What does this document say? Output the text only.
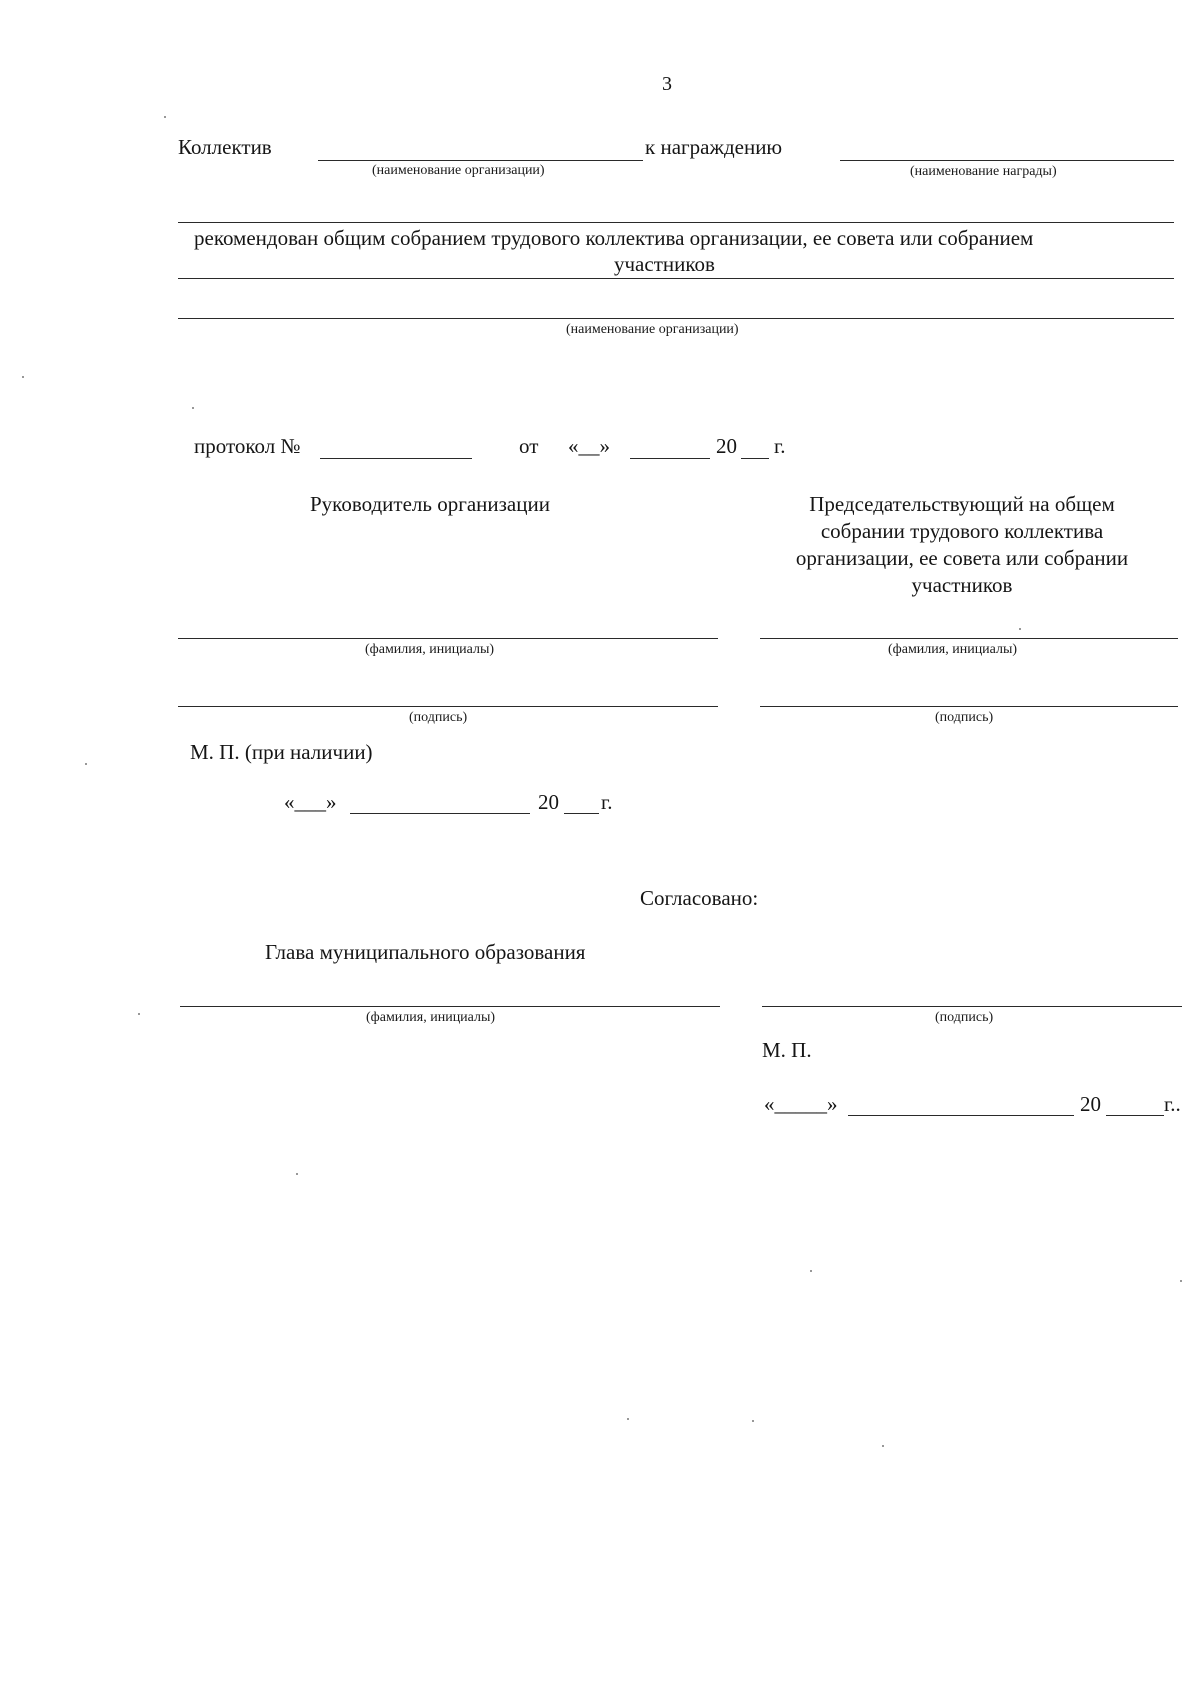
3
Коллектив	к награждению
(наименование организации)	(наименование награды)
рекомендован общим собранием трудового коллектива организации, ее совета или собранием
участников
(наименование организации)
протокол №	от «__»	20 г.
Руководитель организации	Председательствующий на общем
собрании трудового коллектива
организации, ее совета или собрании
участников
(фамилия, инициалы)	(фамилия, инициалы)
(подпись)	(подпись)
М. П. (при наличии)
«___»	20 г.
Согласовано:
Глава муниципального образования
(фамилия, инициалы)	(подпись)
М. П.
«_____»	20	г..
